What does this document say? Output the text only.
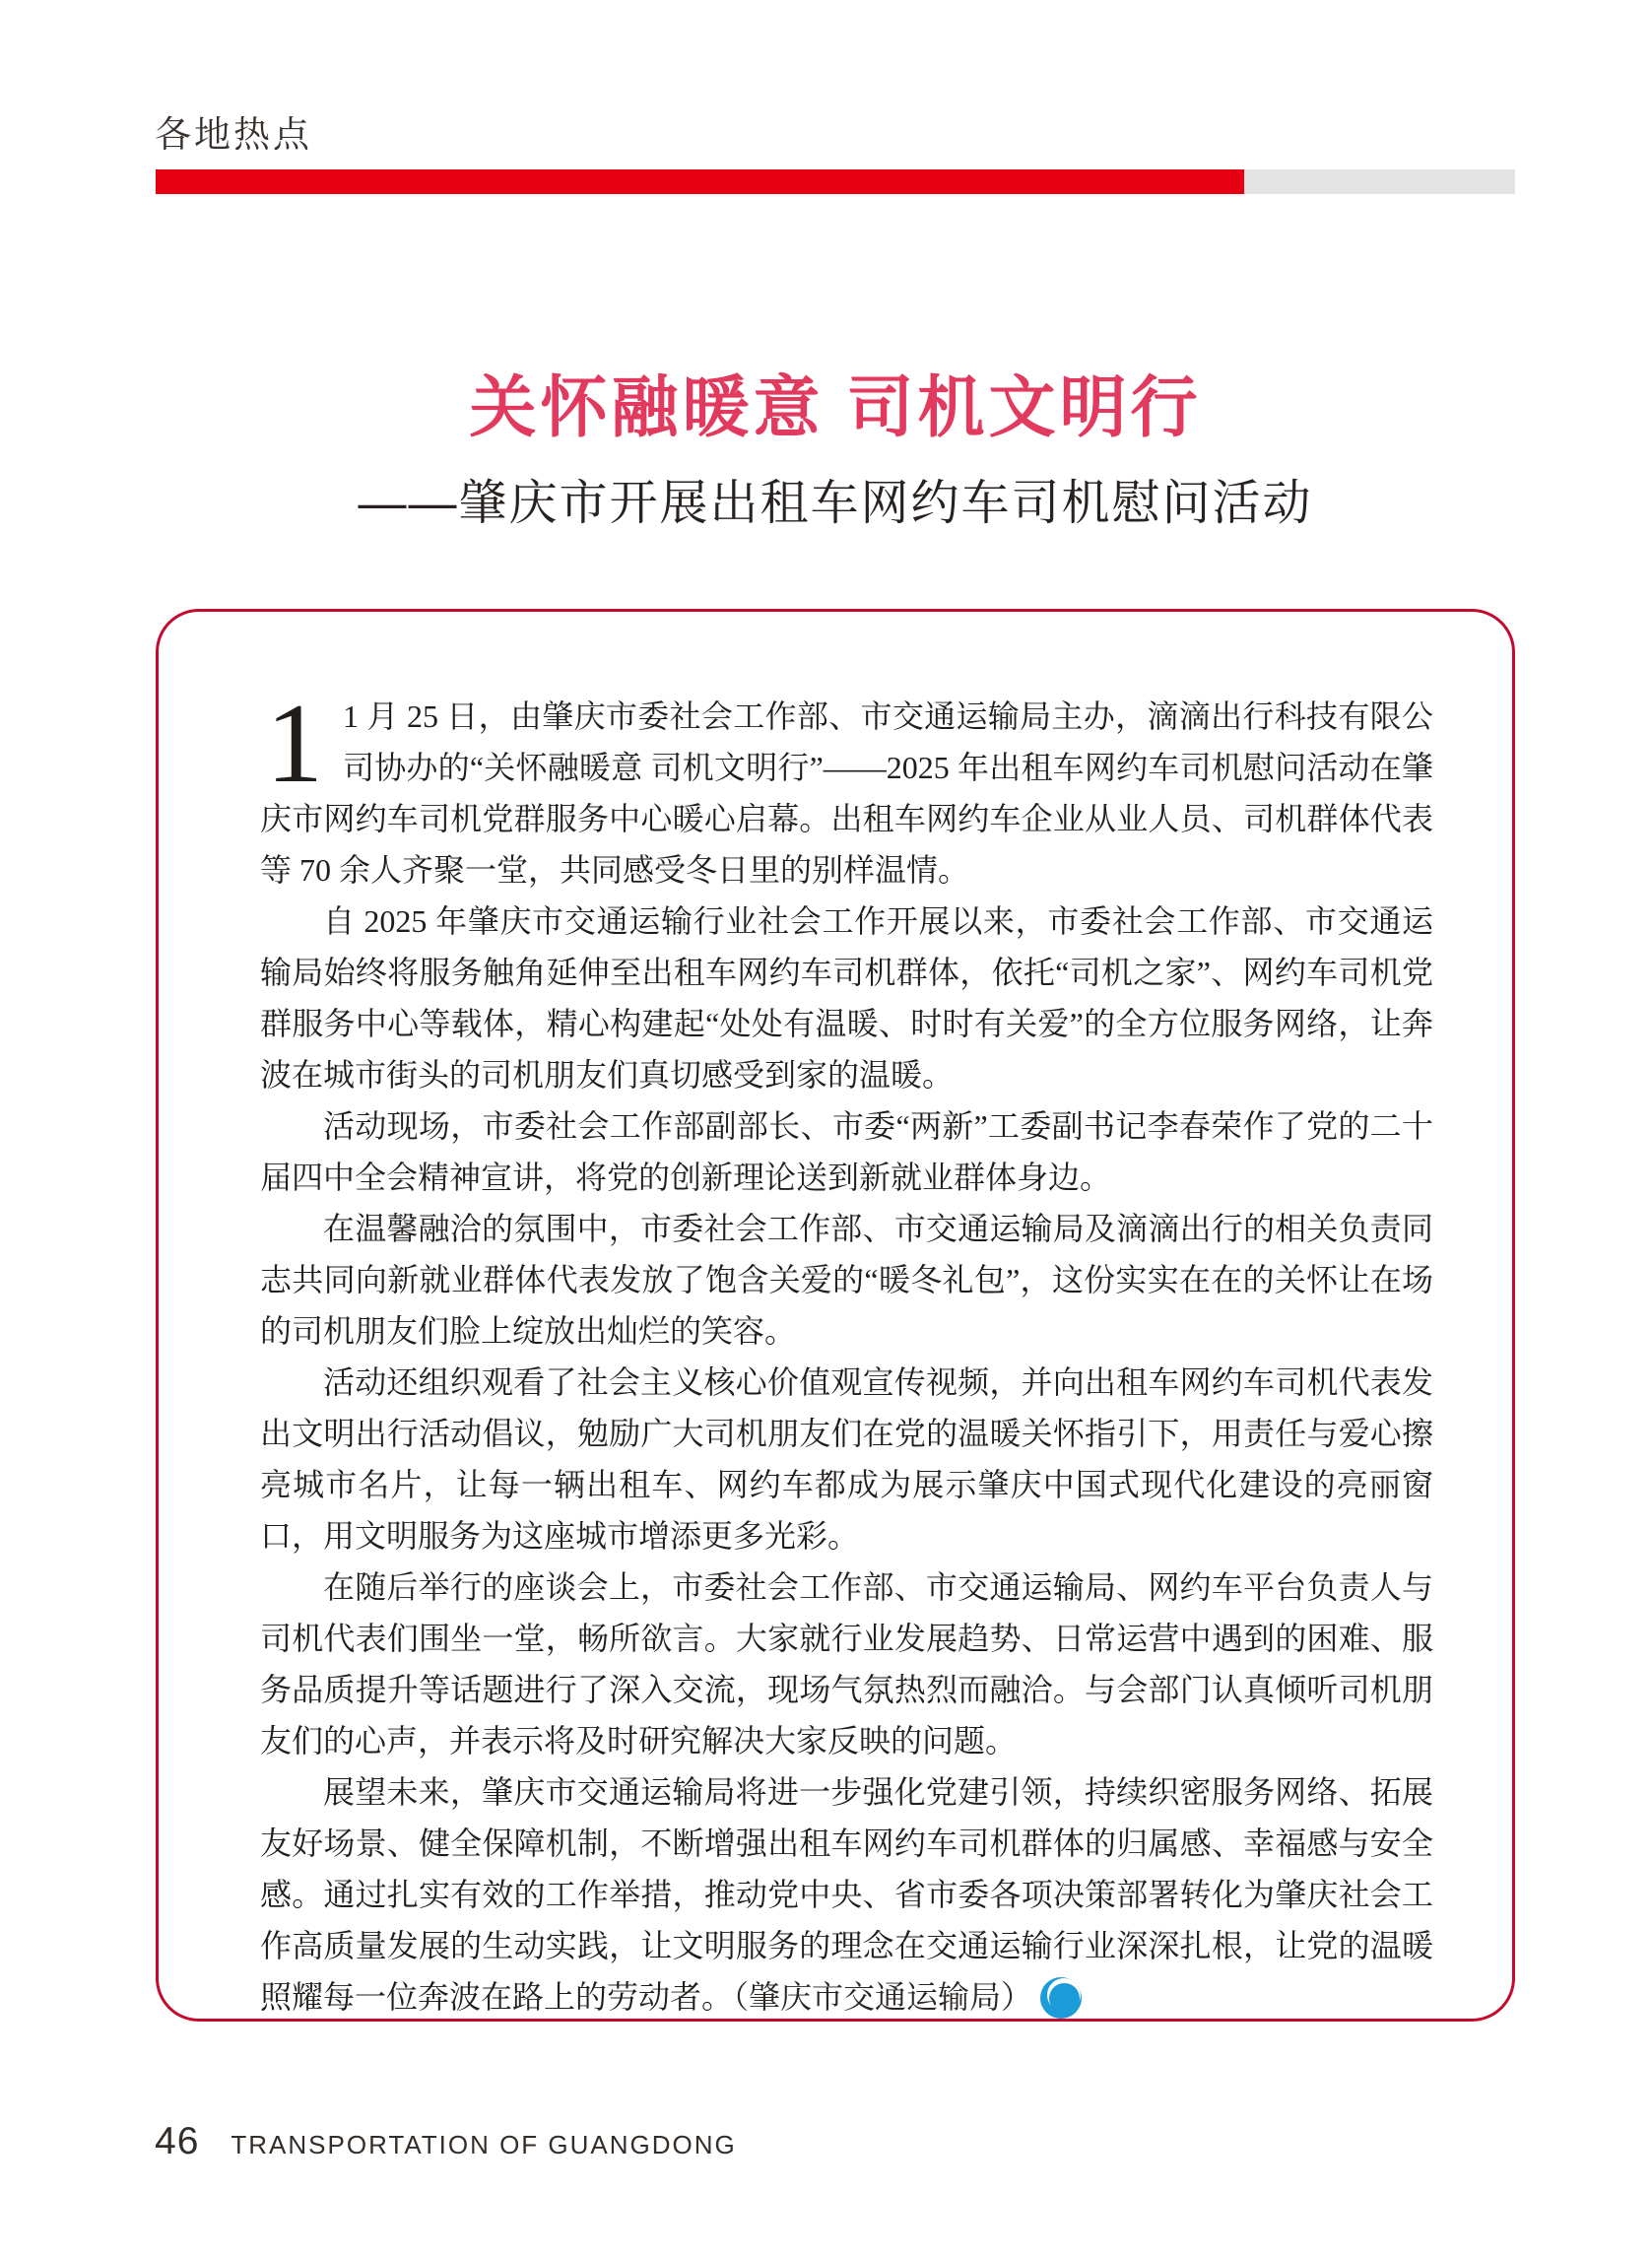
各地热点
关怀融暖意 司机文明行
——肇庆市开展出租车网约车司机慰问活动

1 1 月 25 日，由肇庆市委社会工作部、市交通运输局主办，滴滴出行科技有限公司协办的“关怀融暖意 司机文明行”——2025 年出租车网约车司机慰问活动在肇庆市网约车司机党群服务中心暖心启幕。出租车网约车企业从业人员、司机群体代表等 70 余人齐聚一堂，共同感受冬日里的别样温情。

自 2025 年肇庆市交通运输行业社会工作开展以来，市委社会工作部、市交通运输局始终将服务触角延伸至出租车网约车司机群体，依托“司机之家”、网约车司机党群服务中心等载体，精心构建起“处处有温暖、时时有关爱”的全方位服务网络，让奔波在城市街头的司机朋友们真切感受到家的温暖。

活动现场，市委社会工作部副部长、市委“两新”工委副书记李春荣作了党的二十届四中全会精神宣讲，将党的创新理论送到新就业群体身边。

在温馨融洽的氛围中，市委社会工作部、市交通运输局及滴滴出行的相关负责同志共同向新就业群体代表发放了饱含关爱的“暖冬礼包”，这份实实在在的关怀让在场的司机朋友们脸上绽放出灿烂的笑容。

活动还组织观看了社会主义核心价值观宣传视频，并向出租车网约车司机代表发出文明出行活动倡议，勉励广大司机朋友们在党的温暖关怀指引下，用责任与爱心擦亮城市名片，让每一辆出租车、网约车都成为展示肇庆中国式现代化建设的亮丽窗口，用文明服务为这座城市增添更多光彩。

在随后举行的座谈会上，市委社会工作部、市交通运输局、网约车平台负责人与司机代表们围坐一堂，畅所欲言。大家就行业发展趋势、日常运营中遇到的困难、服务品质提升等话题进行了深入交流，现场气氛热烈而融洽。与会部门认真倾听司机朋友们的心声，并表示将及时研究解决大家反映的问题。

展望未来，肇庆市交通运输局将进一步强化党建引领，持续织密服务网络、拓展友好场景、健全保障机制，不断增强出租车网约车司机群体的归属感、幸福感与安全感。通过扎实有效的工作举措，推动党中央、省市委各项决策部署转化为肇庆社会工作高质量发展的生动实践，让文明服务的理念在交通运输行业深深扎根，让党的温暖照耀每一位奔波在路上的劳动者。（肇庆市交通运输局）	CTA

46 TRANSPORTATION OF GUANGDONG
